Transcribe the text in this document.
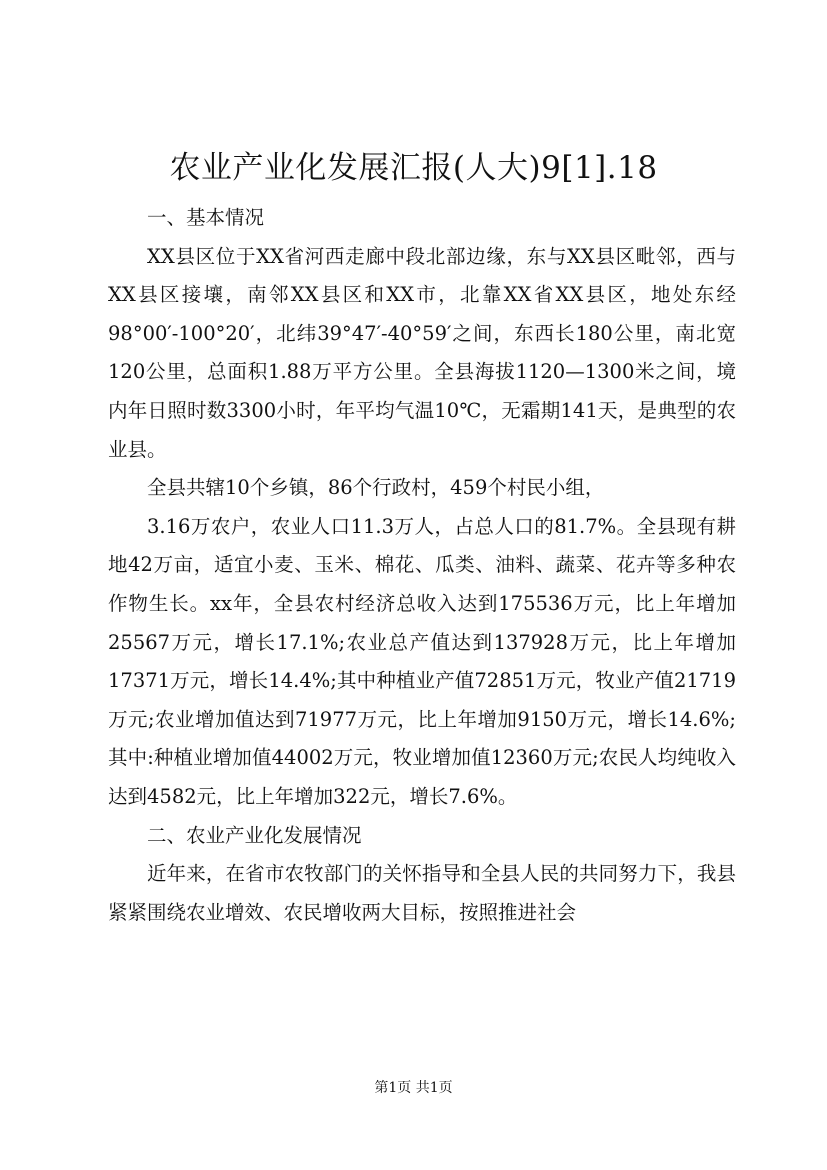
农业产业化发展汇报(人大)9[1].18

一、基本情况

XX县区位于XX省河西走廊中段北部边缘，东与XX县区毗邻，西与XX县区接壤，南邻XX县区和XX市，北靠XX省XX县区，地处东经98°00′-100°20′，北纬39°47′-40°59′之间，东西长180公里，南北宽120公里，总面积1.88万平方公里。全县海拔1120—1300米之间，境内年日照时数3300小时，年平均气温10℃，无霜期141天，是典型的农业县。

全县共辖10个乡镇，86个行政村，459个村民小组，

3.16万农户，农业人口11.3万人，占总人口的81.7%。全县现有耕地42万亩，适宜小麦、玉米、棉花、瓜类、油料、蔬菜、花卉等多种农作物生长。xx年，全县农村经济总收入达到175536万元，比上年增加25567万元，增长17.1%;农业总产值达到137928万元，比上年增加17371万元，增长14.4%;其中种植业产值72851万元，牧业产值21719万元;农业增加值达到71977万元，比上年增加9150万元，增长14.6%;其中:种植业增加值44002万元，牧业增加值12360万元;农民人均纯收入达到4582元，比上年增加322元，增长7.6%。

二、农业产业化发展情况

近年来，在省市农牧部门的关怀指导和全县人民的共同努力下，我县紧紧围绕农业增效、农民增收两大目标，按照推进社会

第1页 共1页
